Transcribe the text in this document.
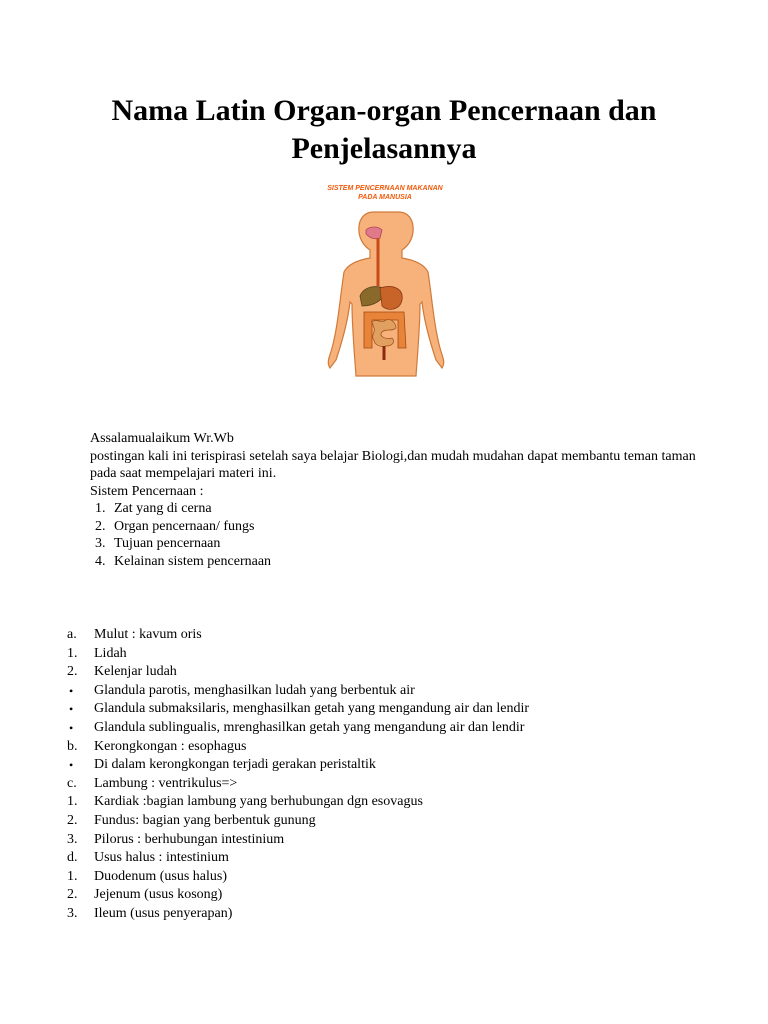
Nama Latin Organ-organ Pencernaan dan
Penjelasannya
SISTEM PENCERNAAN MAKANAN
PADA MANUSIA

Assalamualaikum Wr.Wb

postingan kali ini terispirasi setelah saya belajar Biologi,dan mudah mudahan dapat membantu teman taman pada saat mempelajari materi ini.

Sistem Pencernaan :

1. Zat yang di cerna
2. Organ pencernaan/ fungs
3. Tujuan pencernaan
4. Kelainan sistem pencernaan
a. Mulut : kavum oris
1. Lidah
2. Kelenjar ludah
• Glandula parotis, menghasilkan ludah yang berbentuk air
• Glandula submaksilaris, menghasilkan getah yang mengandung air dan lendir
• Glandula sublingualis, mrenghasilkan getah yang mengandung air dan lendir
b. Kerongkongan : esophagus
• Di dalam kerongkongan terjadi gerakan peristaltik
c. Lambung : ventrikulus=>
1. Kardiak :bagian lambung yang berhubungan dgn esovagus
2. Fundus: bagian yang berbentuk gunung
3. Pilorus : berhubungan intestinium
d. Usus halus : intestinium
1. Duodenum (usus halus)
2. Jejenum (usus kosong)
3. Ileum (usus penyerapan)
